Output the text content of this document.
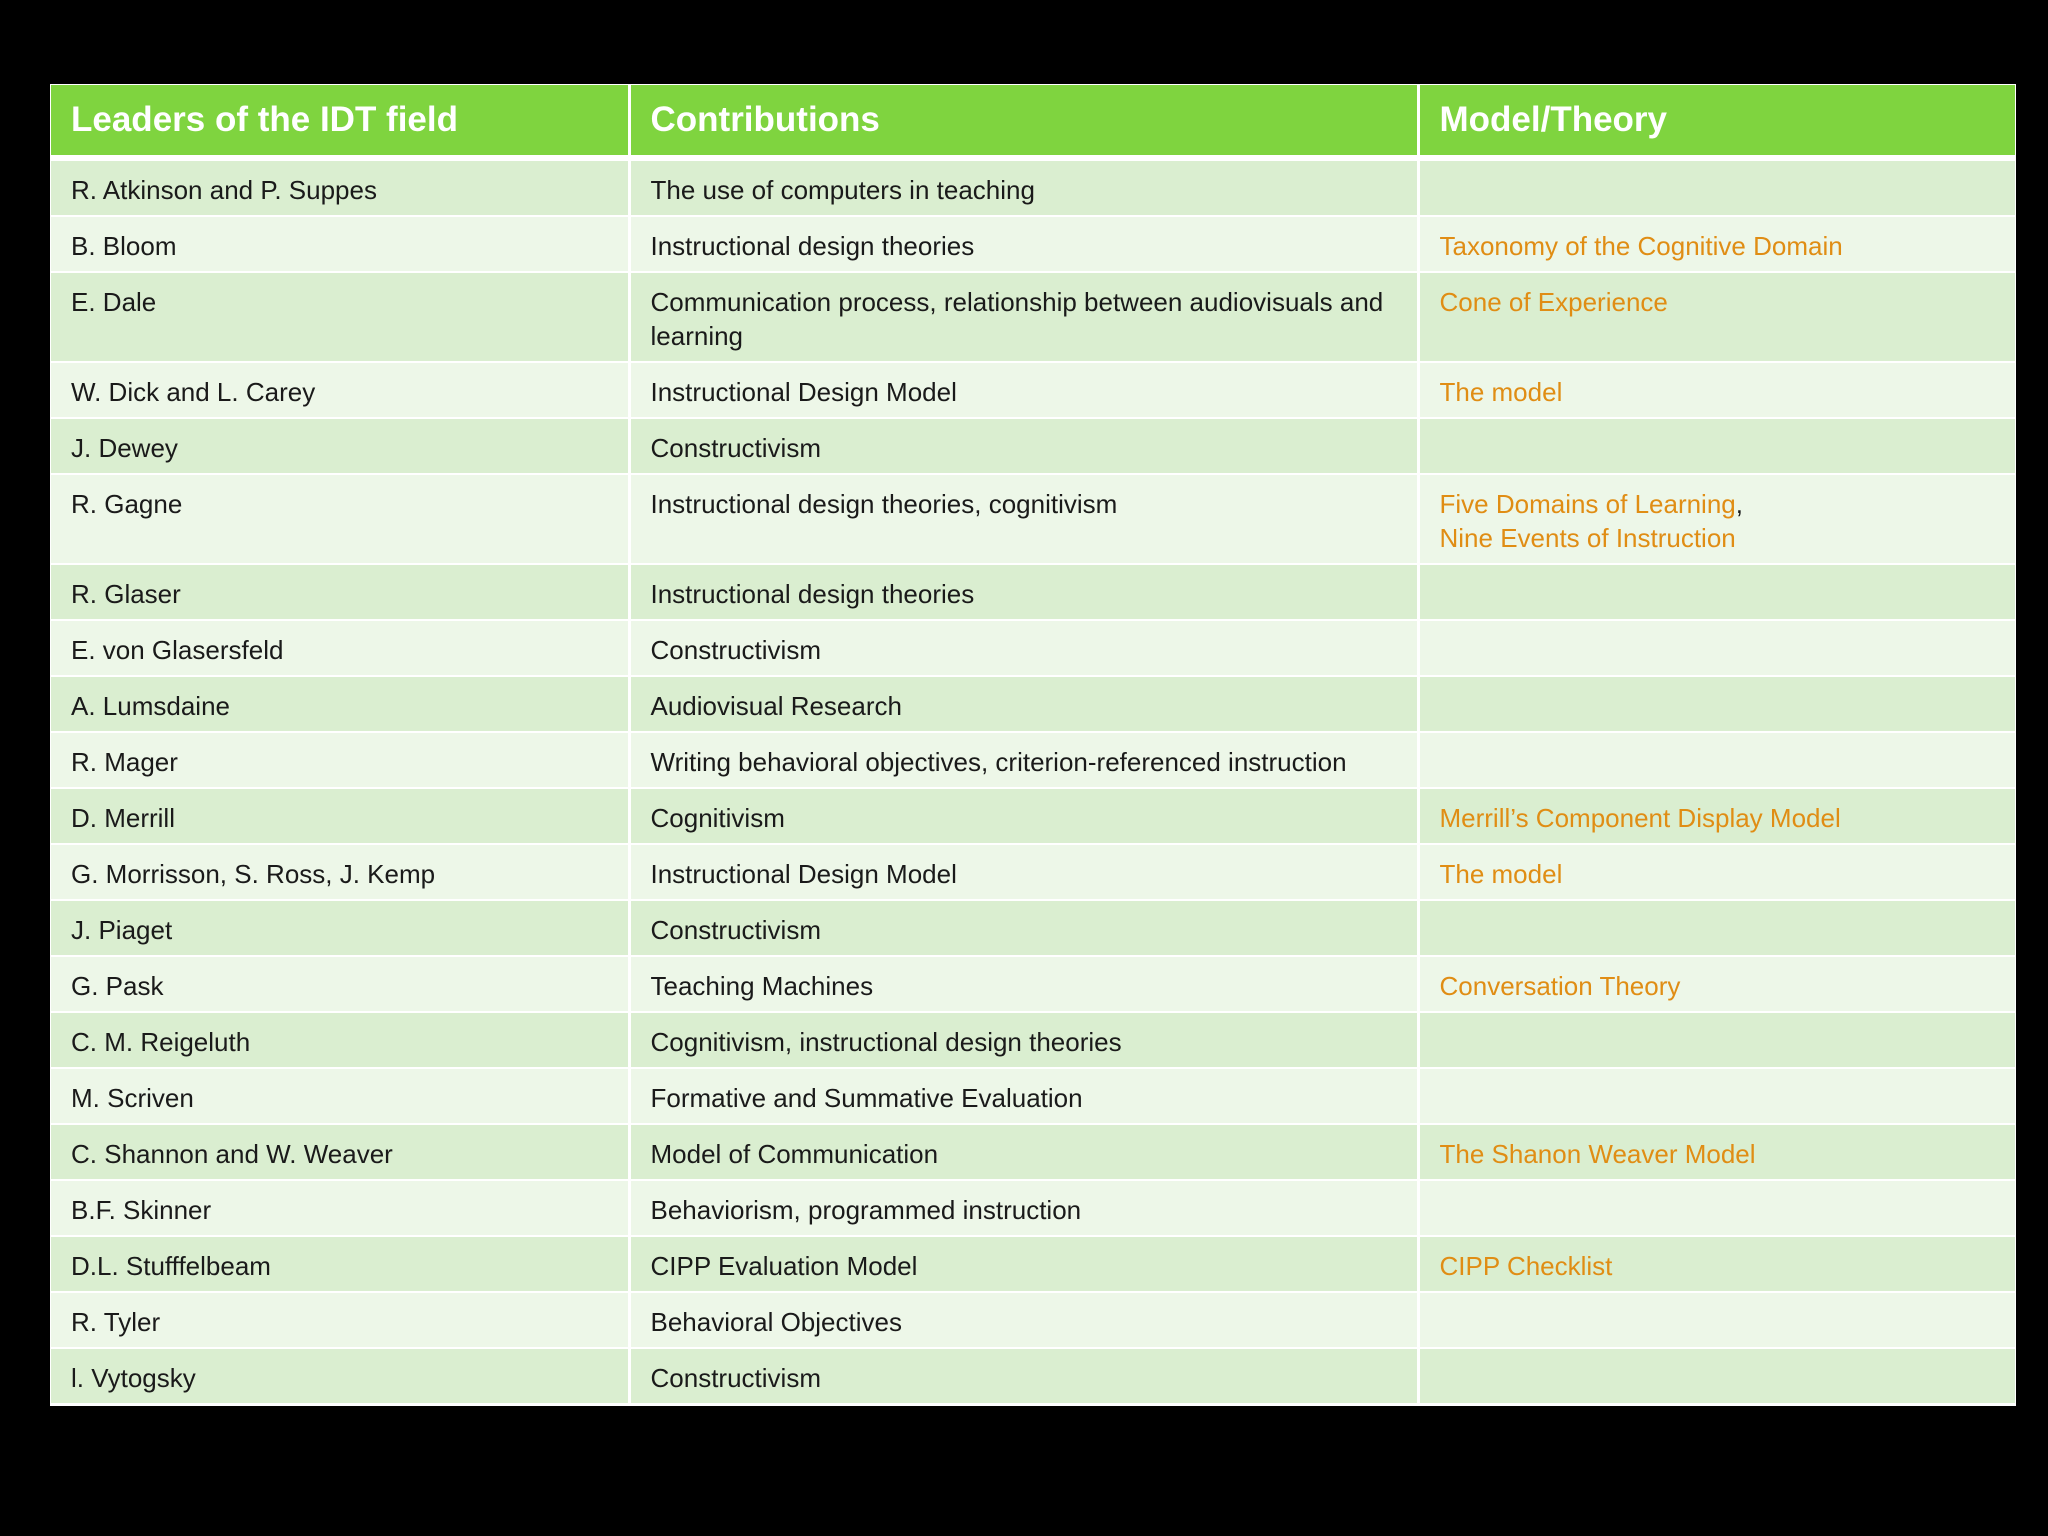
Leaders of the IDT field	Contributions	Model/Theory
R. Atkinson and P. Suppes	The use of computers in teaching	
B. Bloom	Instructional design theories	Taxonomy of the Cognitive Domain
E. Dale	Communication process, relationship between audiovisuals and learning	Cone of Experience
W. Dick and L. Carey	Instructional Design Model	The model
J. Dewey	Constructivism	
R. Gagne	Instructional design theories, cognitivism	Five Domains of Learning,
Nine Events of Instruction
R. Glaser	Instructional design theories	
E. von Glasersfeld	Constructivism	
A. Lumsdaine	Audiovisual Research	
R. Mager	Writing behavioral objectives, criterion-referenced instruction	
D. Merrill	Cognitivism	Merrill’s Component Display Model
G. Morrisson, S. Ross, J. Kemp	Instructional Design Model	The model
J. Piaget	Constructivism	
G. Pask	Teaching Machines	Conversation Theory
C. M. Reigeluth	Cognitivism, instructional design theories	
M. Scriven	Formative and Summative Evaluation	
C. Shannon and W. Weaver	Model of Communication	The Shanon Weaver Model
B.F. Skinner	Behaviorism, programmed instruction	
D.L. Stufffelbeam	CIPP Evaluation Model	CIPP Checklist
R. Tyler	Behavioral Objectives	
l. Vytogsky	Constructivism	
